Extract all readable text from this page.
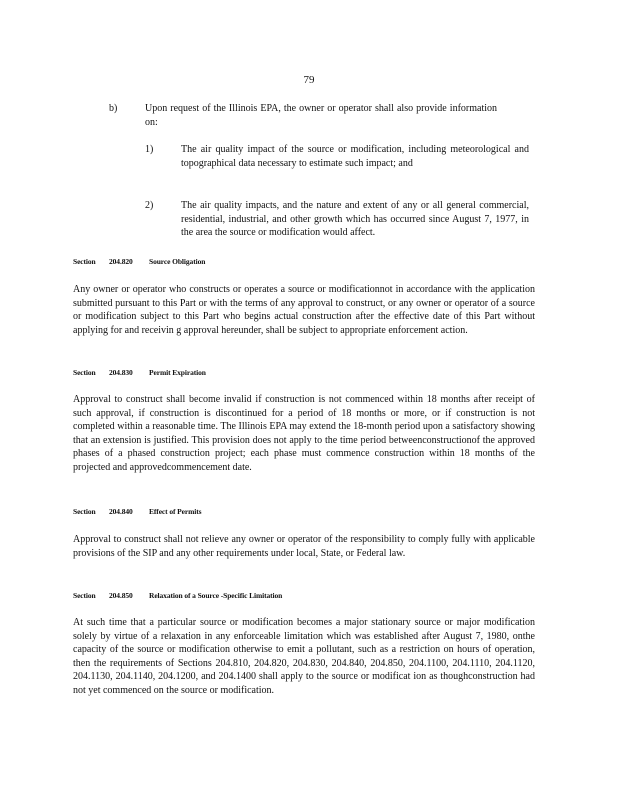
79
b)	Upon request of the Illinois EPA, the owner or operator shall also provide information on:
1)	The air quality impact of the source or modification, including meteorological and topographical data necessary to estimate such impact; and
2)	The air quality impacts, and the nature and extent of any or all general commercial, residential, industrial, and other growth which has occurred since August 7, 1977, in the area the source or modification would affect.
Section 204.820 Source Obligation
Any owner or operator who constructs or operates a source or modificationnot in accordance with the application submitted pursuant to this Part or with the terms of any approval to construct, or any owner or operator of a source or modification subject to this Part who begins actual construction after the effective date of this Part without applying for and receivin g approval hereunder, shall be subject to appropriate enforcement action.
Section 204.830 Permit Expiration
Approval to construct shall become invalid if construction is not commenced within 18 months after receipt of such approval, if construction is discontinued for a period of 18 months or more, or if construction is not completed within a reasonable time. The Illinois EPA may extend the 18-month period upon a satisfactory showing that an extension is justified. This provision does not apply to the time period betweenconstructionof the approved phases of a phased construction project; each phase must commence construction within 18 months of the projected and approvedcommencement date.
Section 204.840 Effect of Permits
Approval to construct shall not relieve any owner or operator of the responsibility to comply fully with applicable provisions of the SIP and any other requirements under local, State, or Federal law.
Section 204.850 Relaxation of a Source -Specific Limitation
At such time that a particular source or modification becomes a major stationary source or major modification solely by virtue of a relaxation in any enforceable limitation which was established after August 7, 1980, onthe capacity of the source or modification otherwise to emit a pollutant, such as a restriction on hours of operation, then the requirements of Sections 204.810, 204.820, 204.830, 204.840, 204.850, 204.1100, 204.1110, 204.1120, 204.1130, 204.1140, 204.1200, and 204.1400 shall apply to the source or modificat ion as thoughconstruction had not yet commenced on the source or modification.
